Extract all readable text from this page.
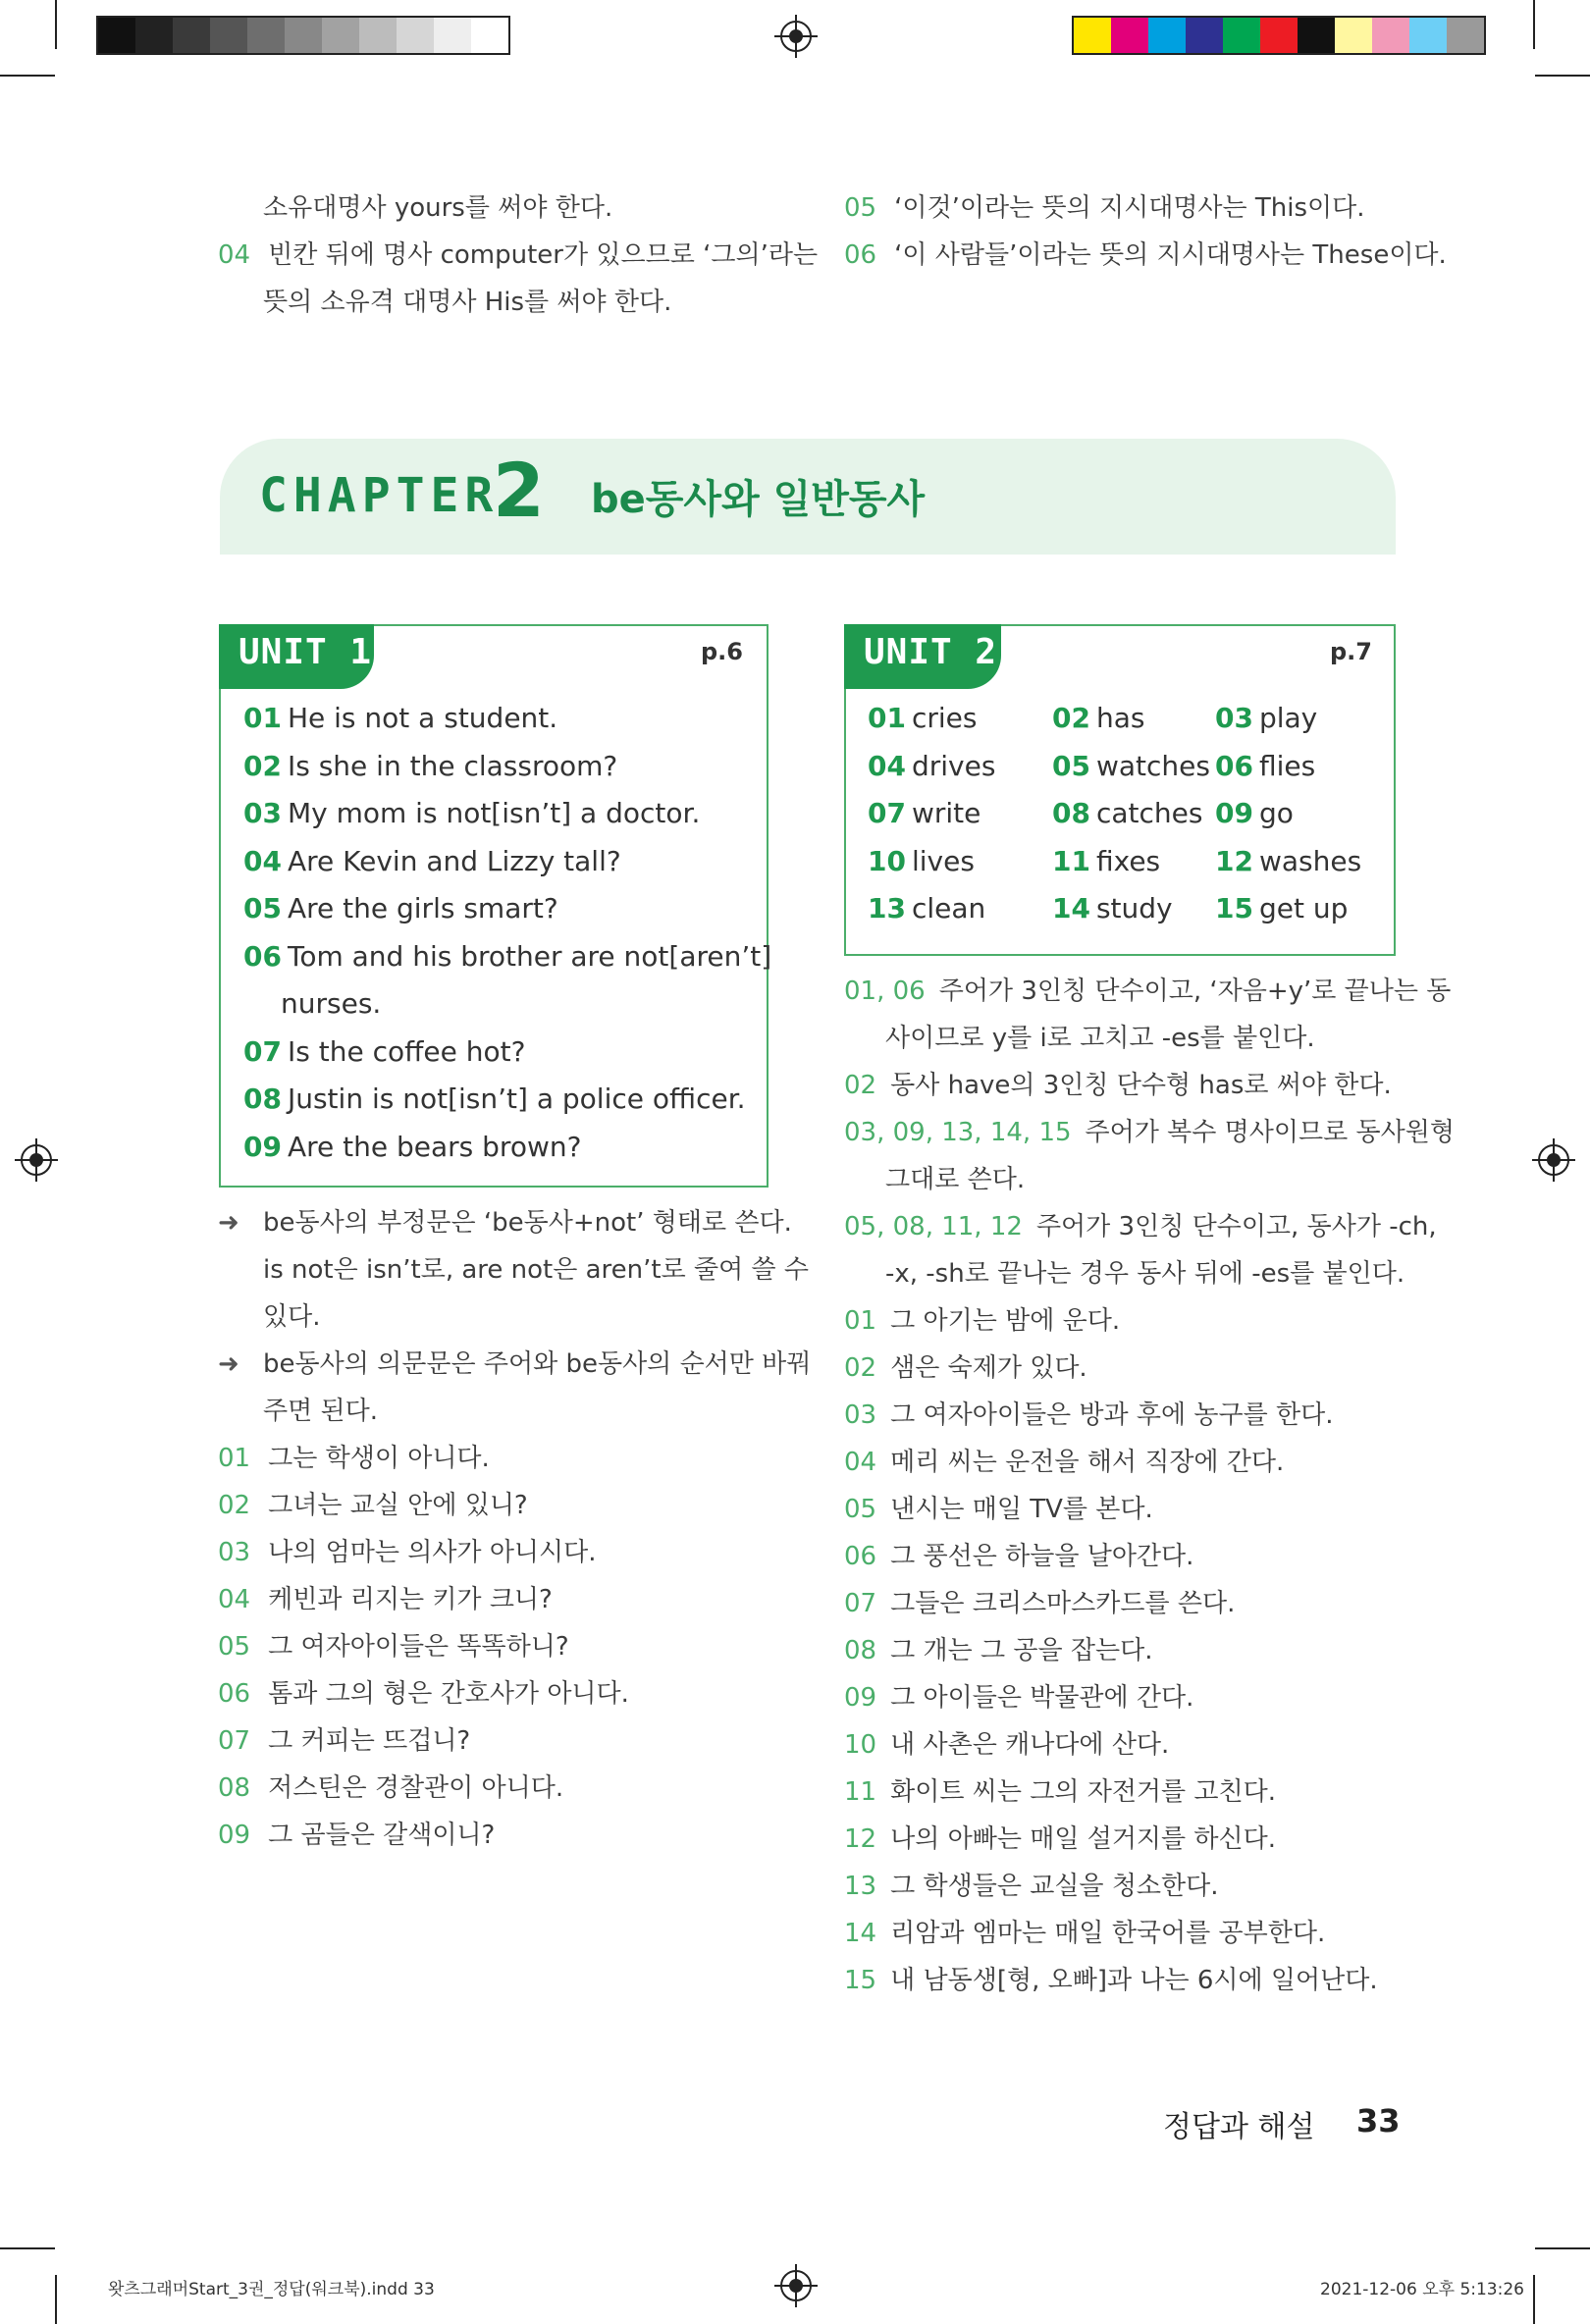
소유대명사 yours를 써야 한다.
04 빈칸 뒤에 명사 computer가 있으므로 ‘그의’라는
뜻의 소유격 대명사 His를 써야 한다.
05 ‘이것’이라는 뜻의 지시대명사는 This이다.
06 ‘이 사람들’이라는 뜻의 지시대명사는 These이다.
CHAPTER
2 be동사와 일반동사
UNIT 1	p.6
01 He is not a student.
02 Is she in the classroom?
03 My mom is not[isn’t] a doctor.
04 Are Kevin and Lizzy tall?
05 Are the girls smart?
06 Tom and his brother are not[aren’t]
nurses.
07 Is the coffee hot?
08 Justin is not[isn’t] a police officer.
09 Are the bears brown?
➜ be동사의 부정문은 ‘be동사+not’ 형태로 쓴다.
is not은 isn’t로, are not은 aren’t로 줄여 쓸 수
있다.
➜ be동사의 의문문은 주어와 be동사의 순서만 바꿔
주면 된다.
01 그는 학생이 아니다.
02 그녀는 교실 안에 있니?
03 나의 엄마는 의사가 아니시다.
04 케빈과 리지는 키가 크니?
05 그 여자아이들은 똑똑하니?
06 톰과 그의 형은 간호사가 아니다.
07 그 커피는 뜨겁니?
08 저스틴은 경찰관이 아니다.
09 그 곰들은 갈색이니?
UNIT 2	p.7
01 cries	02 has	03 play
04 drives	05 watches 06 flies
07 write	08 catches 09 go
10 lives	11 fixes	12 washes
13 clean	14 study	15 get up
01, 06 주어가 3인칭 단수이고, ‘자음+y’로 끝나는 동
사이므로 y를 i로 고치고 -es를 붙인다.
02 동사 have의 3인칭 단수형 has로 써야 한다.
03, 09, 13, 14, 15 주어가 복수 명사이므로 동사원형
그대로 쓴다.
05, 08, 11, 12 주어가 3인칭 단수이고, 동사가 -ch,
-x, -sh로 끝나는 경우 동사 뒤에 -es를 붙인다.
01 그 아기는 밤에 운다.
02 샘은 숙제가 있다.
03 그 여자아이들은 방과 후에 농구를 한다.
04 메리 씨는 운전을 해서 직장에 간다.
05 낸시는 매일 TV를 본다.
06 그 풍선은 하늘을 날아간다.
07 그들은 크리스마스카드를 쓴다.
08 그 개는 그 공을 잡는다.
09 그 아이들은 박물관에 간다.
10 내 사촌은 캐나다에 산다.
11 화이트 씨는 그의 자전거를 고친다.
12 나의 아빠는 매일 설거지를 하신다.
13 그 학생들은 교실을 청소한다.
14 리암과 엠마는 매일 한국어를 공부한다.
15 내 남동생[형, 오빠]과 나는 6시에 일어난다.
정답과 해설 33
왓츠그래머Start_3권_정답(워크북).indd 33	2021-12-06 오후 5:13:26
